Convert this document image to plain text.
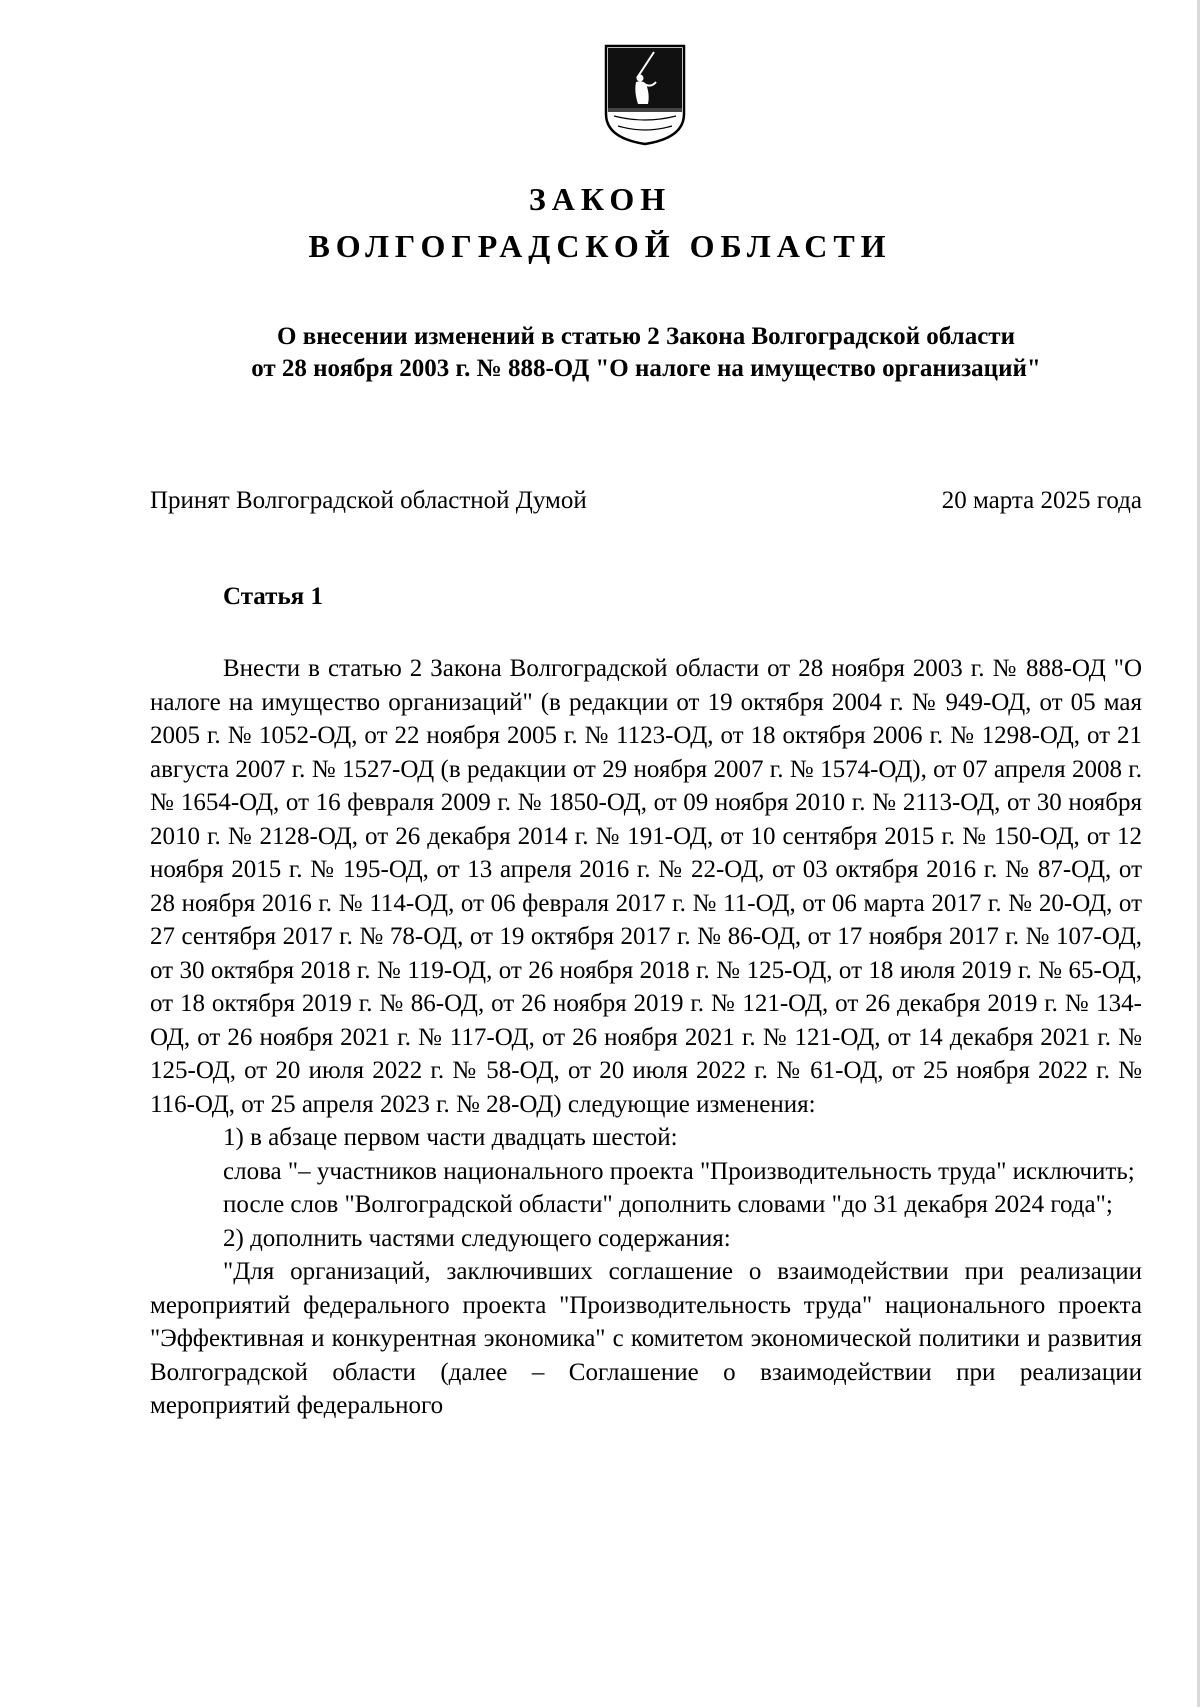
ЗАКОН
ВОЛГОГРАДСКОЙ ОБЛАСТИ
О внесении изменений в статью 2 Закона Волгоградской области
от 28 ноября 2003 г. № 888-ОД "О налоге на имущество организаций"
Принят Волгоградской областной Думой	20 марта 2025 года
Статья 1

Внести в статью 2 Закона Волгоградской области от 28 ноября 2003 г. № 888-ОД "О налоге на имущество организаций" (в редакции от 19 октября 2004 г. № 949-ОД, от 05 мая 2005 г. № 1052-ОД, от 22 ноября 2005 г. № 1123-ОД, от 18 октября 2006 г. № 1298-ОД, от 21 августа 2007 г. № 1527-ОД (в редакции от 29 ноября 2007 г. № 1574-ОД), от 07 апреля 2008 г. № 1654-ОД, от 16 февраля 2009 г. № 1850-ОД, от 09 ноября 2010 г. № 2113-ОД, от 30 ноября 2010 г. № 2128-ОД, от 26 декабря 2014 г. № 191-ОД, от 10 сентября 2015 г. № 150-ОД, от 12 ноября 2015 г. № 195-ОД, от 13 апреля 2016 г. № 22-ОД, от 03 октября 2016 г. № 87-ОД, от 28 ноября 2016 г. № 114-ОД, от 06 февраля 2017 г. № 11-ОД, от 06 марта 2017 г. № 20-ОД, от 27 сентября 2017 г. № 78-ОД, от 19 октября 2017 г. № 86-ОД, от 17 ноября 2017 г. № 107-ОД, от 30 октября 2018 г. № 119-ОД, от 26 ноября 2018 г. № 125-ОД, от 18 июля 2019 г. № 65-ОД, от 18 октября 2019 г. № 86-ОД, от 26 ноября 2019 г. № 121-ОД, от 26 декабря 2019 г. № 134-ОД, от 26 ноября 2021 г. № 117-ОД, от 26 ноября 2021 г. № 121-ОД, от 14 декабря 2021 г. № 125-ОД, от 20 июля 2022 г. № 58-ОД, от 20 июля 2022 г. № 61-ОД, от 25 ноября 2022 г. № 116-ОД, от 25 апреля 2023 г. № 28-ОД) следующие изменения:

1) в абзаце первом части двадцать шестой:

слова "– участников национального проекта "Производительность труда" исключить;

после слов "Волгоградской области" дополнить словами "до 31 декабря 2024 года";

2) дополнить частями следующего содержания:

"Для организаций, заключивших соглашение о взаимодействии при реализации мероприятий федерального проекта "Производительность труда" национального проекта "Эффективная и конкурентная экономика" с комитетом экономической политики и развития Волгоградской области (далее – Соглашение о взаимодействии при реализации мероприятий федерального
